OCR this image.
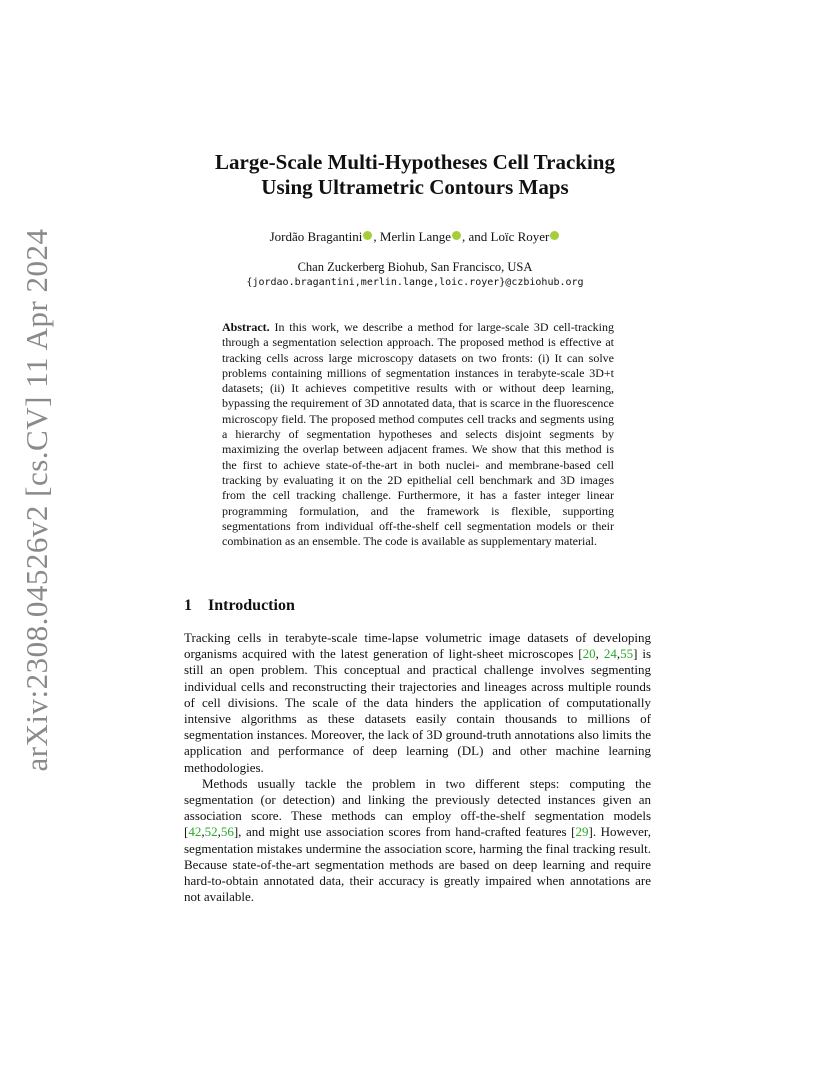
arXiv:2308.04526v2 [cs.CV] 11 Apr 2024
Large-Scale Multi-Hypotheses Cell Tracking
Using Ultrametric Contours Maps
Jordão Bragantini , Merlin Lange , and Loïc Royer
Chan Zuckerberg Biohub, San Francisco, USA
{jordao.bragantini,merlin.lange,loic.royer}@czbiohub.org
Abstract. In this work, we describe a method for large-scale 3D cell-tracking through a segmentation selection approach. The proposed method is effective at tracking cells across large microscopy datasets on two fronts: (i) It can solve problems containing millions of segmentation instances in terabyte-scale 3D+t datasets; (ii) It achieves competitive results with or without deep learning, bypassing the requirement of 3D annotated data, that is scarce in the fluorescence microscopy field. The proposed method computes cell tracks and segments using a hierarchy of segmentation hypotheses and selects disjoint segments by maximizing the overlap between adjacent frames. We show that this method is the first to achieve state-of-the-art in both nuclei- and membrane-based cell tracking by evaluating it on the 2D epithelial cell benchmark and 3D images from the cell tracking challenge. Furthermore, it has a faster integer linear programming formulation, and the framework is flexible, supporting segmentations from individual off-the-shelf cell segmentation models or their combination as an ensemble. The code is available as supplementary material.
1 Introduction

Tracking cells in terabyte-scale time-lapse volumetric image datasets of developing organisms acquired with the latest generation of light-sheet microscopes [20, 24,55] is still an open problem. This conceptual and practical challenge involves segmenting individual cells and reconstructing their trajectories and lineages across multiple rounds of cell divisions. The scale of the data hinders the application of computationally intensive algorithms as these datasets easily contain thousands to millions of segmentation instances. Moreover, the lack of 3D ground-truth annotations also limits the application and performance of deep learning (DL) and other machine learning methodologies.

Methods usually tackle the problem in two different steps: computing the segmentation (or detection) and linking the previously detected instances given an association score. These methods can employ off-the-shelf segmentation models [42,52,56], and might use association scores from hand-crafted features [29]. However, segmentation mistakes undermine the association score, harming the final tracking result. Because state-of-the-art segmentation methods are based on deep learning and require hard-to-obtain annotated data, their accuracy is greatly impaired when annotations are not available.
